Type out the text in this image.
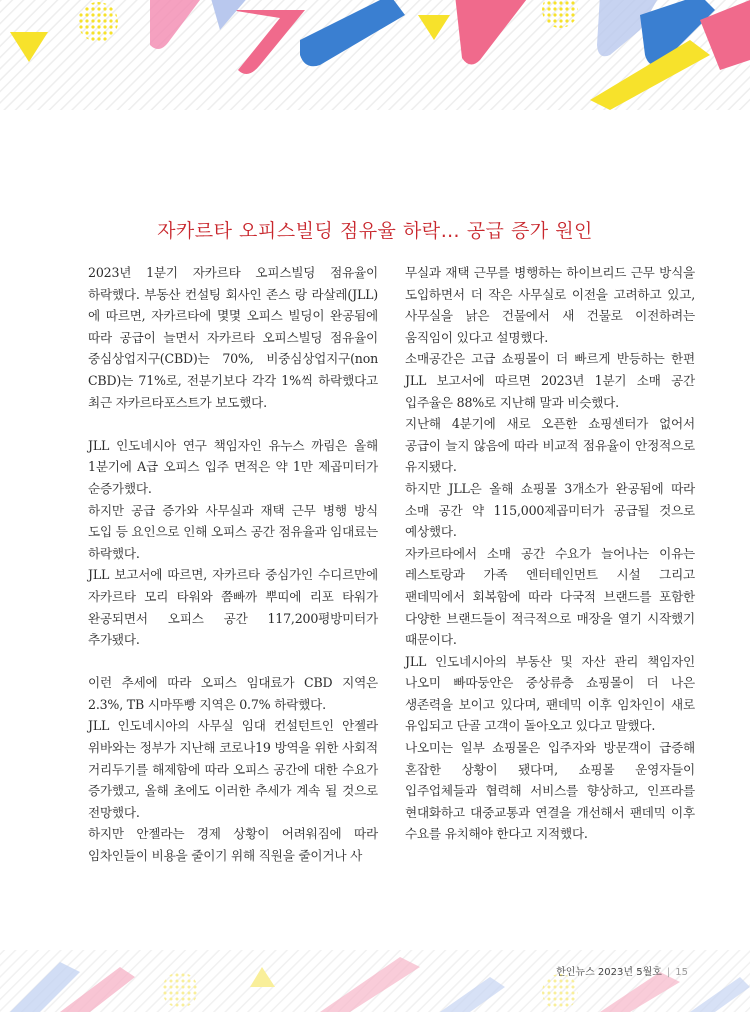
자카르타 오피스빌딩 점유율 하락… 공급 증가 원인

2023년 1분기 자카르타 오피스빌딩 점유율이 하락했다. 부동산 컨설팅 회사인 존스 랑 라살레(JLL)에 따르면, 자카르타에 몇몇 오피스 빌딩이 완공됨에 따라 공급이 늘면서 자카르타 오피스빌딩 점유율이 중심상업지구(CBD)는 70%, 비중심상업지구(non CBD)는 71%로, 전분기보다 각각 1%씩 하락했다고 최근 자카르타포스트가 보도했다.

JLL 인도네시아 연구 책임자인 유누스 까림은 올해 1분기에 A급 오피스 입주 면적은 약 1만 제곱미터가 순증가했다.

하지만 공급 증가와 사무실과 재택 근무 병행 방식 도입 등 요인으로 인해 오피스 공간 점유율과 임대료는 하락했다.

JLL 보고서에 따르면, 자카르타 중심가인 수디르만에 자카르타 모리 타워와 쯤빠까 뿌띠에 리포 타워가 완공되면서 오피스 공간 117,200평방미터가 추가됐다.

이런 추세에 따라 오피스 임대료가 CBD 지역은 2.3%, TB 시마뚜빵 지역은 0.7% 하락했다.

JLL 인도네시아의 사무실 임대 컨설턴트인 안젤라 위바와는 정부가 지난해 코로나19 방역을 위한 사회적 거리두기를 해제함에 따라 오피스 공간에 대한 수요가 증가했고, 올해 초에도 이러한 추세가 계속 될 것으로 전망했다.

하지만 안젤라는 경제 상황이 어려워짐에 따라 임차인들이 비용을 줄이기 위해 직원을 줄이거나 사

무실과 재택 근무를 병행하는 하이브리드 근무 방식을 도입하면서 더 작은 사무실로 이전을 고려하고 있고, 사무실을 낡은 건물에서 새 건물로 이전하려는 움직임이 있다고 설명했다.

소매공간은 고급 쇼핑몰이 더 빠르게 반등하는 한편 JLL 보고서에 따르면 2023년 1분기 소매 공간 입주율은 88%로 지난해 말과 비슷했다.

지난해 4분기에 새로 오픈한 쇼핑센터가 없어서 공급이 늘지 않음에 따라 비교적 점유율이 안정적으로 유지됐다.

하지만 JLL은 올해 쇼핑몰 3개소가 완공됨에 따라 소매 공간 약 115,000제곱미터가 공급될 것으로 예상했다.

자카르타에서 소매 공간 수요가 늘어나는 이유는 레스토랑과 가족 엔터테인먼트 시설 그리고 팬데믹에서 회복함에 따라 다국적 브랜드를 포함한 다양한 브랜드들이 적극적으로 매장을 열기 시작했기 때문이다.

JLL 인도네시아의 부동산 및 자산 관리 책임자인 나오미 빠따둥안은 중상류층 쇼핑몰이 더 나은 생존력을 보이고 있다며, 팬데믹 이후 임차인이 새로 유입되고 단골 고객이 돌아오고 있다고 말했다.

나오미는 일부 쇼핑몰은 입주자와 방문객이 급증해 혼잡한 상황이 됐다며, 쇼핑몰 운영자들이 입주업체들과 협력해 서비스를 향상하고, 인프라를 현대화하고 대중교통과 연결을 개선해서 팬데믹 이후 수요를 유치해야 한다고 지적했다.

한인뉴스 2023년 5월호 | 15
